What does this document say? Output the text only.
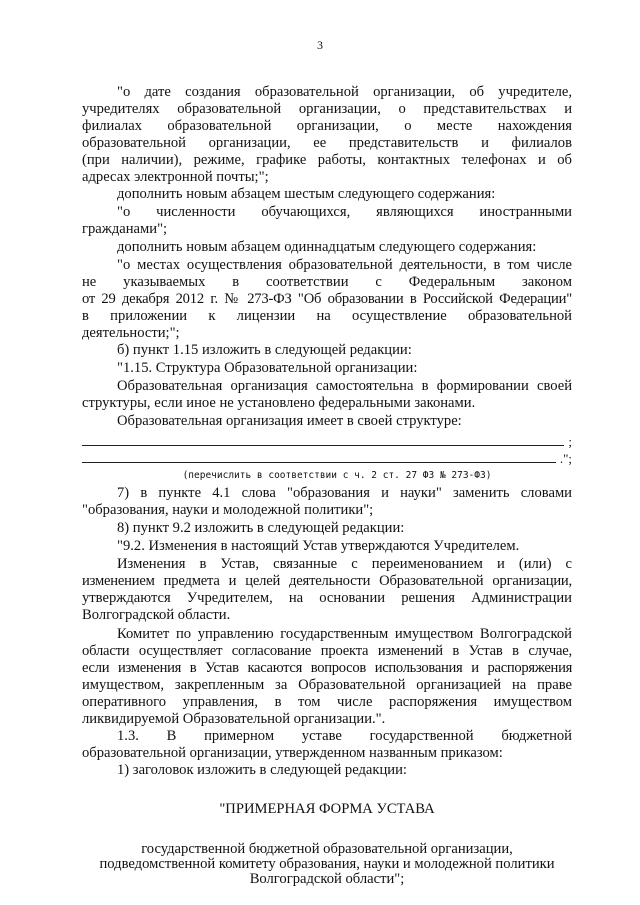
3
"о дате создания образовательной организации, об учредителе,
учредителях образовательной организации, о представительствах и
филиалах образовательной организации, о месте нахождения
образовательной организации, ее представительств и филиалов
(при наличии), режиме, графике работы, контактных телефонах и об
адресах электронной почты;";
дополнить новым абзацем шестым следующего содержания:
"о численности обучающихся, являющихся иностранными
гражданами";
дополнить новым абзацем одиннадцатым следующего содержания:
"о местах осуществления образовательной деятельности, в том числе
не указываемых в соответствии с Федеральным законом
от 29 декабря 2012 г. № 273-ФЗ "Об образовании в Российской Федерации"
в приложении к лицензии на осуществление образовательной
деятельности;";
б) пункт 1.15 изложить в следующей редакции:
"1.15. Структура Образовательной организации:
Образовательная организация самостоятельна в формировании своей
структуры, если иное не установлено федеральными законами.
Образовательная организация имеет в своей структуре:
;
.";
(перечислить в соответствии с ч. 2 ст. 27 ФЗ № 273-ФЗ)
7) в пункте 4.1 слова "образования и науки" заменить словами
"образования, науки и молодежной политики";
8) пункт 9.2 изложить в следующей редакции:
"9.2. Изменения в настоящий Устав утверждаются Учредителем.
Изменения в Устав, связанные с переименованием и (или) с
изменением предмета и целей деятельности Образовательной организации,
утверждаются Учредителем, на основании решения Администрации
Волгоградской области.
Комитет по управлению государственным имуществом Волгоградской
области осуществляет согласование проекта изменений в Устав в случае,
если изменения в Устав касаются вопросов использования и распоряжения
имуществом, закрепленным за Образовательной организацией на праве
оперативного управления, в том числе распоряжения имуществом
ликвидируемой Образовательной организации.".
1.3. В примерном уставе государственной бюджетной
образовательной организации, утвержденном названным приказом:
1) заголовок изложить в следующей редакции:
"ПРИМЕРНАЯ ФОРМА УСТАВА
государственной бюджетной образовательной организации,
подведомственной комитету образования, науки и молодежной политики
Волгоградской области";
